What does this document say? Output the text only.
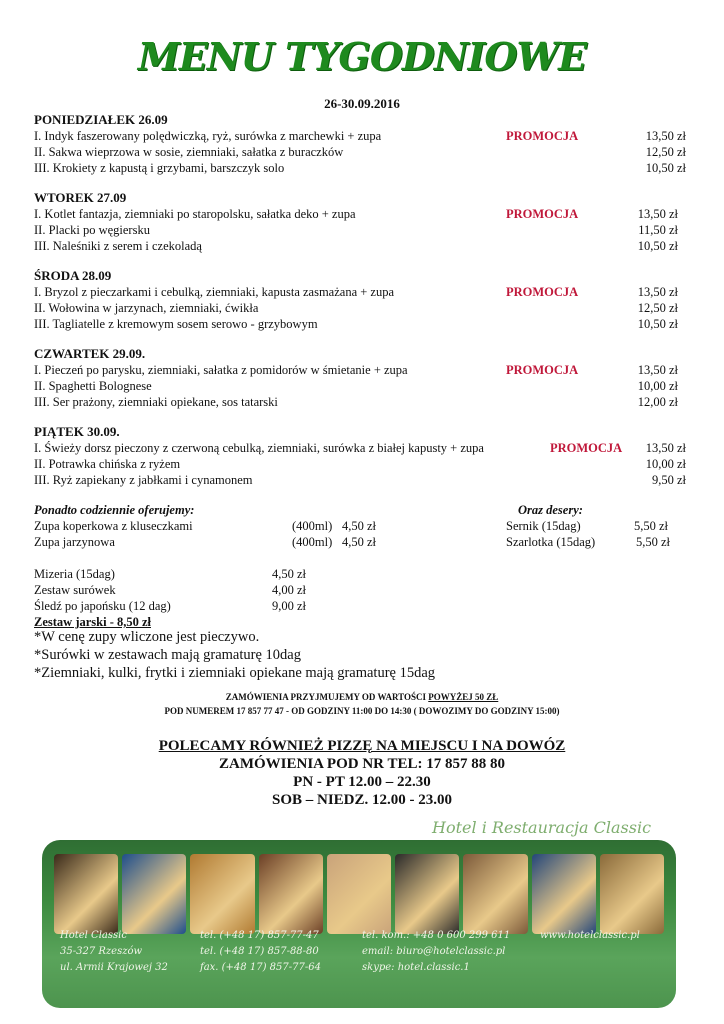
MENU TYGODNIOWE
26-30.09.2016
PONIEDZIAŁEK 26.09
I. Indyk faszerowany polędwiczką, ryż, surówka z marchewki + zupa	PROMOCJA	13,50 zł
II. Sakwa wieprzowa w sosie, ziemniaki, sałatka z buraczków	12,50 zł
III. Krokiety z kapustą i grzybami, barszczyk solo	10,50 zł
WTOREK 27.09
I. Kotlet fantazja, ziemniaki po staropolsku, sałatka deko + zupa	PROMOCJA	13,50 zł
II. Placki po węgiersku	11,50 zł
III. Naleśniki z serem i czekoladą	10,50 zł
ŚRODA 28.09
I. Bryzol z pieczarkami i cebulką, ziemniaki, kapusta zasmażana + zupa	PROMOCJA	13,50 zł
II. Wołowina w jarzynach, ziemniaki, ćwikła	12,50 zł
III. Tagliatelle z kremowym sosem serowo - grzybowym	10,50 zł
CZWARTEK 29.09.
I. Pieczeń po parysku, ziemniaki, sałatka z pomidorów w śmietanie + zupa	PROMOCJA	13,50 zł
II. Spaghetti Bolognese	10,00 zł
III. Ser prażony, ziemniaki opiekane, sos tatarski	12,00 zł
PIĄTEK 30.09.
I. Świeży dorsz pieczony z czerwoną cebulką, ziemniaki, surówka z białej kapusty + zupa	PROMOCJA	13,50 zł
II. Potrawka chińska z ryżem	10,00 zł
III. Ryż zapiekany z jabłkami i cynamonem	9,50 zł
Ponadto codziennie oferujemy:	Oraz desery:
Zupa koperkowa z kluseczkami	(400ml) 4,50 zł
Zupa jarzynowa	(400ml) 4,50 zł
Sernik (15dag)	5,50 zł
Szarlotka (15dag)	5,50 zł
Mizeria (15dag)	4,50 zł
Zestaw surówek	4,00 zł
Śledź po japońsku (12 dag)	9,00 zł
Zestaw jarski - 8,50 zł
*W cenę zupy wliczone jest pieczywo.
*Surówki w zestawach mają gramaturę 10dag
*Ziemniaki, kulki, frytki i ziemniaki opiekane mają gramaturę 15dag
ZAMÓWIENIA PRZYJMUJEMY OD WARTOŚCI POWYŻEJ 50 ZŁ
POD NUMEREM 17 857 77 47 - OD GODZINY 11:00 DO 14:30 ( DOWOZIMY DO GODZINY 15:00)
POLECAMY RÓWNIEŻ PIZZĘ NA MIEJSCU I NA DOWÓZ
ZAMÓWIENIA POD NR TEL: 17 857 88 80
PN - PT 12.00 – 22.30
SOB – NIEDZ. 12.00 - 23.00
Hotel i Restauracja Classic
Hotel Classic
35-327 Rzeszów
ul. Armii Krajowej 32
tel. (+48 17) 857-77-47
tel. (+48 17) 857-88-80
fax. (+48 17) 857-77-64
tel. kom.: +48 0 600 299 611
email: biuro@hotelclassic.pl
skype: hotel.classic.1
www.hotelclassic.pl
